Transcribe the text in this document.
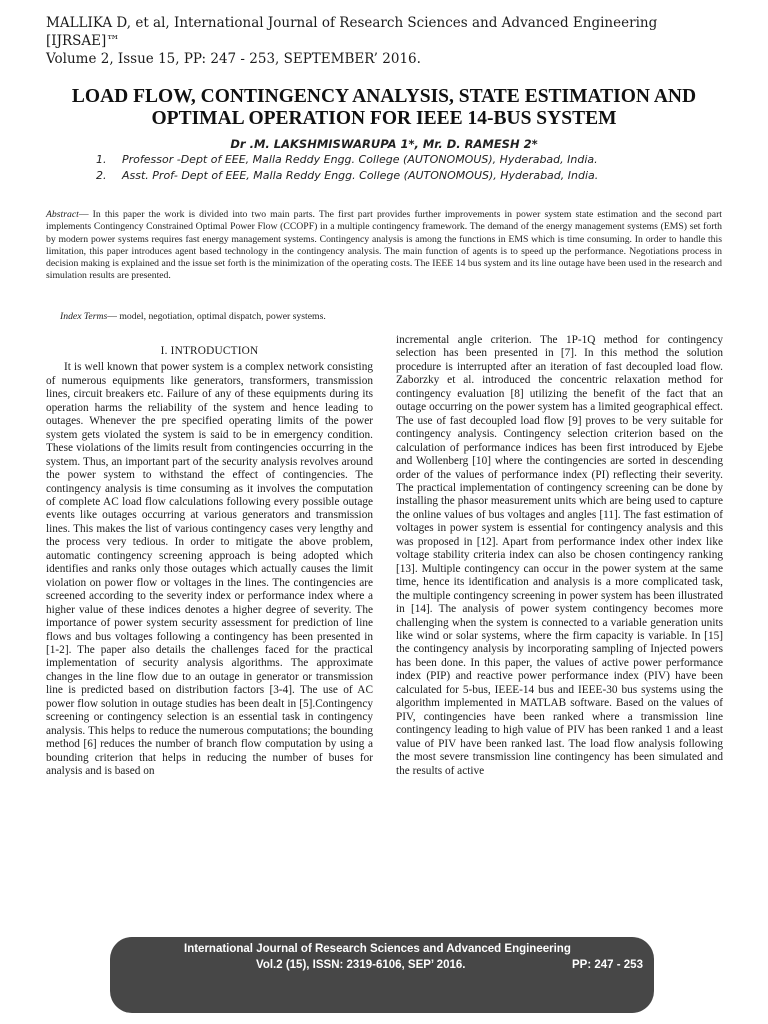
MALLIKA D, et al, International Journal of Research Sciences and Advanced Engineering
[IJRSAE]™
Volume 2, Issue 15, PP: 247 - 253, SEPTEMBER’ 2016.
LOAD FLOW, CONTINGENCY ANALYSIS, STATE ESTIMATION AND
OPTIMAL OPERATION FOR IEEE 14-BUS SYSTEM
Dr .M. LAKSHMISWARUPA 1*, Mr. D. RAMESH 2*
1.	Professor -Dept of EEE, Malla Reddy Engg. College (AUTONOMOUS), Hyderabad, India.
2.	Asst. Prof- Dept of EEE, Malla Reddy Engg. College (AUTONOMOUS), Hyderabad, India.
Abstract— In this paper the work is divided into two main parts. The first part provides further improvements in power system state estimation and the second part implements Contingency Constrained Optimal Power Flow (CCOPF) in a multiple contingency framework. The demand of the energy management systems (EMS) set forth by modern power systems requires fast energy management systems. Contingency analysis is among the functions in EMS which is time consuming. In order to handle this limitation, this paper introduces agent based technology in the contingency analysis. The main function of agents is to speed up the performance. Negotiations process in decision making is explained and the issue set forth is the minimization of the operating costs. The IEEE 14 bus system and its line outage have been used in the research and simulation results are presented.
Index Terms— model, negotiation, optimal dispatch, power systems.
I. INTRODUCTION

It is well known that power system is a complex network consisting of numerous equipments like generators, transformers, transmission lines, circuit breakers etc. Failure of any of these equipments during its operation harms the reliability of the system and hence leading to outages. Whenever the pre specified operating limits of the power system gets violated the system is said to be in emergency condition. These violations of the limits result from contingencies occurring in the system. Thus, an important part of the security analysis revolves around the power system to withstand the effect of contingencies. The contingency analysis is time consuming as it involves the computation of complete AC load flow calculations following every possible outage events like outages occurring at various generators and transmission lines. This makes the list of various contingency cases very lengthy and the process very tedious. In order to mitigate the above problem, automatic contingency screening approach is being adopted which identifies and ranks only those outages which actually causes the limit violation on power flow or voltages in the lines. The contingencies are screened according to the severity index or performance index where a higher value of these indices denotes a higher degree of severity. The importance of power system security assessment for prediction of line flows and bus voltages following a contingency has been presented in [1-2]. The paper also details the challenges faced for the practical implementation of security analysis algorithms. The approximate changes in the line flow due to an outage in generator or transmission line is predicted based on distribution factors [3-4]. The use of AC power flow solution in outage studies has been dealt in [5].Contingency screening or contingency selection is an essential task in contingency analysis. This helps to reduce the numerous computations; the bounding method [6] reduces the number of branch flow computation by using a bounding criterion that helps in reducing the number of buses for analysis and is based on

incremental angle criterion. The 1P-1Q method for contingency selection has been presented in [7]. In this method the solution procedure is interrupted after an iteration of fast decoupled load flow. Zaborzky et al. introduced the concentric relaxation method for contingency evaluation [8] utilizing the benefit of the fact that an outage occurring on the power system has a limited geographical effect. The use of fast decoupled load flow [9] proves to be very suitable for contingency analysis. Contingency selection criterion based on the calculation of performance indices has been first introduced by Ejebe and Wollenberg [10] where the contingencies are sorted in descending order of the values of performance index (PI) reflecting their severity. The practical implementation of contingency screening can be done by installing the phasor measurement units which are being used to capture the online values of bus voltages and angles [11]. The fast estimation of voltages in power system is essential for contingency analysis and this was proposed in [12]. Apart from performance index other index like voltage stability criteria index can also be chosen contingency ranking [13]. Multiple contingency can occur in the power system at the same time, hence its identification and analysis is a more complicated task, the multiple contingency screening in power system has been illustrated in [14]. The analysis of power system contingency becomes more challenging when the system is connected to a variable generation units like wind or solar systems, where the firm capacity is variable. In [15] the contingency analysis by incorporating sampling of Injected powers has been done. In this paper, the values of active power performance index (PIP) and reactive power performance index (PIV) have been calculated for 5-bus, IEEE-14 bus and IEEE-30 bus systems using the algorithm implemented in MATLAB software. Based on the values of PIV, contingencies have been ranked where a transmission line contingency leading to high value of PIV has been ranked 1 and a least value of PIV have been ranked last. The load flow analysis following the most severe transmission line contingency has been simulated and the results of active

International Journal of Research Sciences and Advanced Engineering
Vol.2 (15), ISSN: 2319-6106, SEP’ 2016.	PP: 247 - 253
